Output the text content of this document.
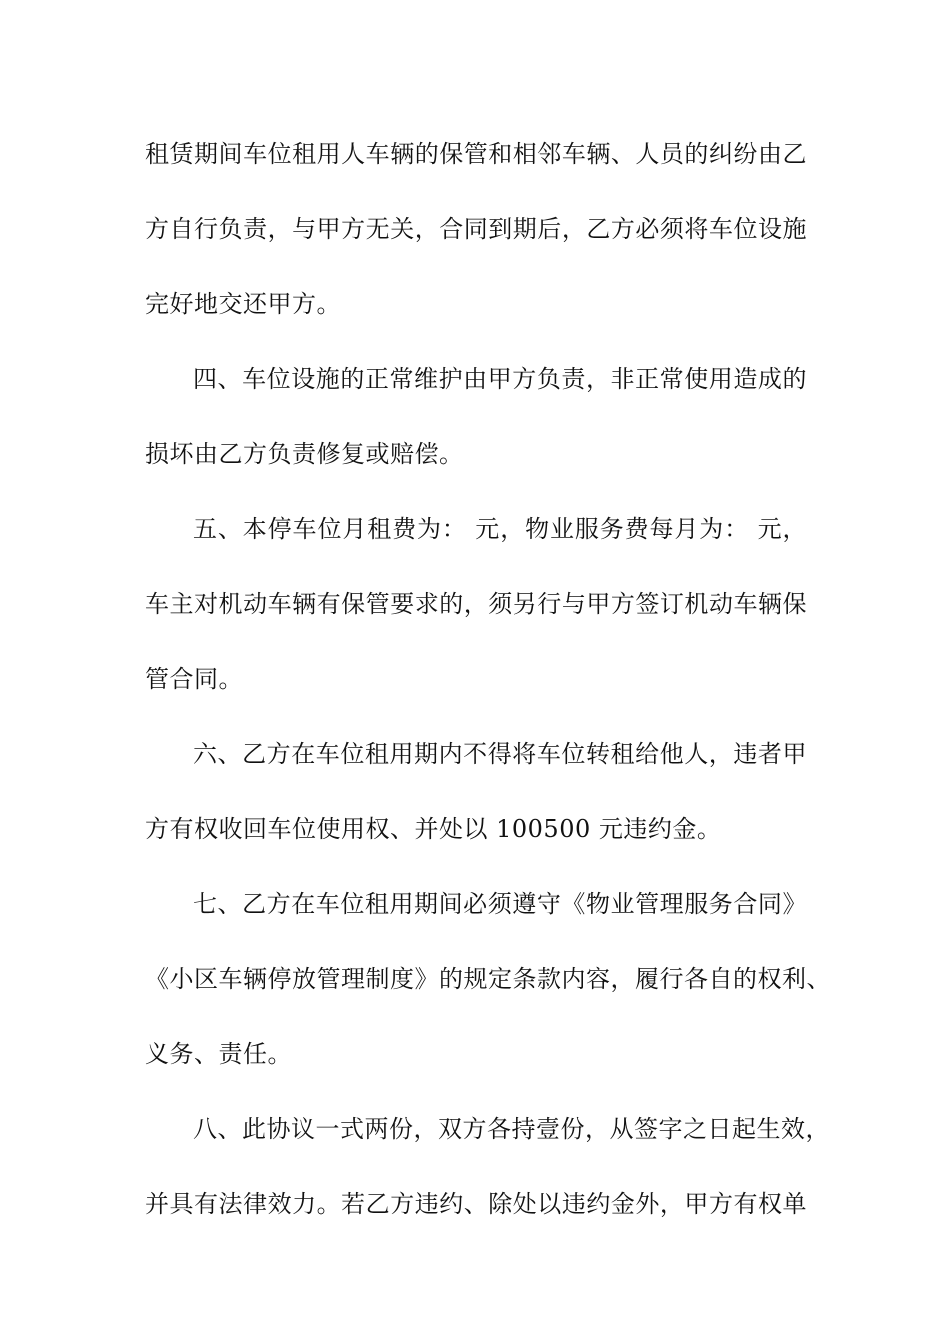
租赁期间车位租用人车辆的保管和相邻车辆、人员的纠纷由乙
方自行负责，与甲方无关，合同到期后，乙方必须将车位设施
完好地交还甲方。
四、车位设施的正常维护由甲方负责，非正常使用造成的
损坏由乙方负责修复或赔偿。
五、本停车位月租费为： 元，物业服务费每月为： 元，
车主对机动车辆有保管要求的，须另行与甲方签订机动车辆保
管合同。
六、乙方在车位租用期内不得将车位转租给他人，违者甲
方有权收回车位使用权、并处以 100500 元违约金。
七、乙方在车位租用期间必须遵守《物业管理服务合同》
《小区车辆停放管理制度》的规定条款内容，履行各自的权利、
义务、责任。
八、此协议一式两份，双方各持壹份，从签字之日起生效，
并具有法律效力。若乙方违约、除处以违约金外，甲方有权单
